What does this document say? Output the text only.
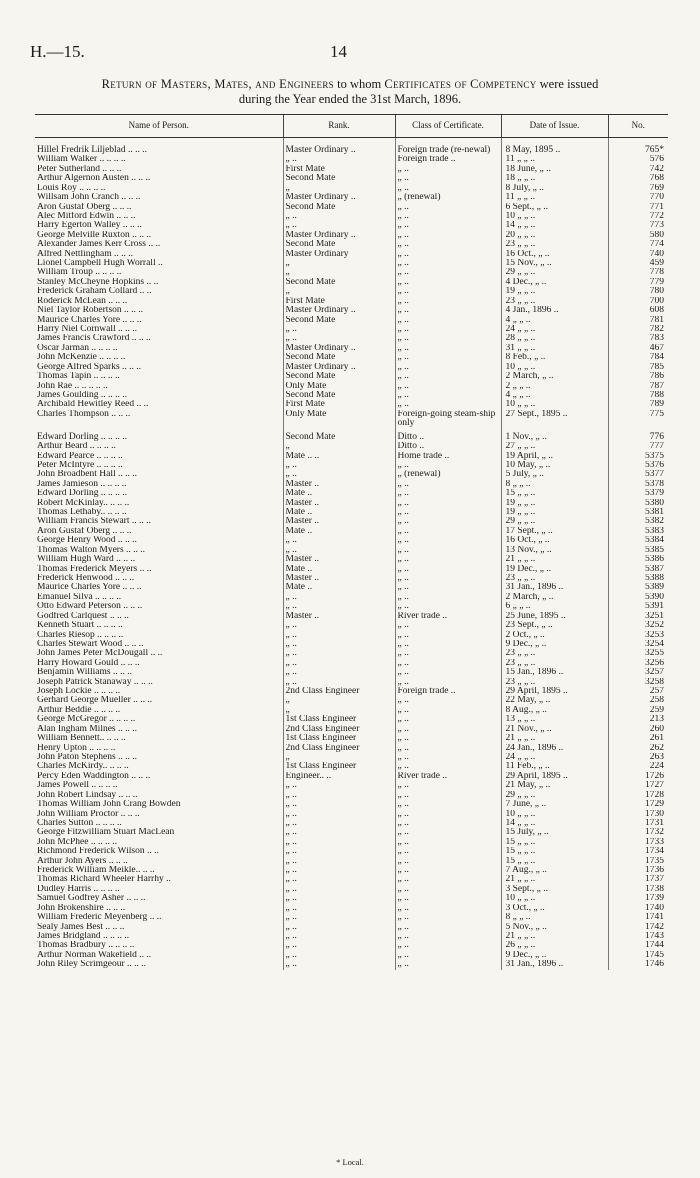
H.—15.	14
Return of Masters, Mates, and Engineers to whom Certificates of Competency were issued
during the Year ended the 31st March, 1896.
Name of Person.	Rank.	Class of Certificate.	Date of Issue.	No.

Hillel Fredrik Liljeblad .. .. ..	Master Ordinary ..	Foreign trade (re-newal)	8 May, 1895 ..	765*
William Walker .. .. .. ..	„ ..	Foreign trade ..	11 „ „ ..	576
Peter Sutherland .. .. ..	First Mate	„ ..	18 June, „ ..	742
Arthur Algernon Austen .. .. ..	Second Mate	„ ..	18 „ „ ..	768
Louis Roy .. .. .. ..	„	„ ..	8 July, „ ..	769
Willsam John Cranch .. .. ..	Master Ordinary ..	„ (renewal)	11 „ „ ..	770
Aron Gustaf Oberg .. .. ..	Second Mate	„ ..	6 Sept., „ ..	771
Alec Mitford Edwin .. .. ..	„ ..	„ ..	10 „ „ ..	772
Harry Egerton Walley .. .. ..	„ ..	„ ..	14 „ „ ..	773
George Melville Ruxton .. .. ..	Master Ordinary ..	„ ..	20 „ „ ..	580
Alexander James Kerr Cross .. ..	Second Mate	„ ..	23 „ „ ..	774
Alfred Nettlingham .. .. ..	Master Ordinary	„ ..	16 Oct., „ ..	740
Lionel Campbell Hugh Worrall ..	„	„ ..	15 Nov., „ ..	459
William Troup .. .. .. ..	„	„ ..	29 „ „ ..	778
Stanley McCheyne Hopkins .. ..	Second Mate	„ ..	4 Dec., „ ..	779
Frederick Graham Collard .. ..	„	„ ..	19 „ „ ..	780
Roderick McLean .. .. ..	First Mate	„ ..	23 „ „ ..	700
Niel Taylor Robertson .. .. ..	Master Ordinary ..	„ ..	4 Jan., 1896 ..	608
Maurice Charles Yore .. .. ..	Second Mate	„ ..	4 „ „ ..	781
Harry Niel Cornwall .. .. ..	„ ..	„ ..	24 „ „ ..	782
James Francis Crawford .. .. ..	„ ..	„ ..	28 „ „ ..	783
Oscar Jarman .. .. .. ..	Master Ordinary ..	„ ..	31 „ „ ..	467
John McKenzie .. .. .. ..	Second Mate	„ ..	8 Feb., „ ..	784
George Alfred Sparks .. .. ..	Master Ordinary ..	„ ..	10 „ „ ..	785
Thomas Tapin .. .. .. ..	Second Mate	„ ..	2 March, „ ..	786
John Rae .. .. .. .. ..	Only Mate	„ ..	2 „ „ ..	787
James Goulding .. .. .. ..	Second Mate	„ ..	4 „ „ ..	788
Archibald Hewitley Reed .. ..	First Mate	„ ..	10 „ „ ..	789
Charles Thompson .. .. ..	Only Mate	Foreign-going steam-ship only	27 Sept., 1895 ..	775
Edward Dorling .. .. .. ..	Second Mate	Ditto ..	1 Nov., „ ..	776
Arthur Beard .. .. .. ..	„	Ditto ..	27 „ „ ..	777
Edward Pearce .. .. .. ..	Mate .. ..	Home trade ..	19 April, „ ..	5375
Peter McIntyre .. .. .. ..	„ ..	„ ..	10 May, „ ..	5376
John Broadbent Hall .. .. ..	„ ..	„ (renewal)	5 July, „ ..	5377
James Jamieson .. .. .. ..	Master ..	„ ..	8 „ „ ..	5378
Edward Dorling .. .. .. ..	Mate ..	„ ..	15 „ „ ..	5379
Robert McKinlay.. .. .. ..	Master ..	„ ..	19 „ „ ..	5380
Thomas Lethaby.. .. .. ..	Mate ..	„ ..	19 „ „ ..	5381
William Francis Stewart .. .. ..	Master ..	„ ..	29 „ „ ..	5382
Aron Gustaf Oberg .. .. ..	Mate ..	„ ..	17 Sept., „ ..	5383
George Henry Wood .. .. ..	„ ..	„ ..	16 Oct., „ ..	5384
Thomas Walton Myers .. .. ..	„ ..	„ ..	13 Nov., „ ..	5385
William Hugh Ward .. .. ..	Master ..	„ ..	21 „ „ ..	5386
Thomas Frederick Meyers .. ..	Mate ..	„ ..	19 Dec., „ ..	5387
Frederick Henwood .. .. ..	Master ..	„ ..	23 „ „ ..	5388
Maurice Charles Yore .. .. ..	Mate ..	„ ..	31 Jan., 1896 ..	5389
Emanuel Silva .. .. .. ..	„ ..	„ ..	2 March, „ ..	5390
Otto Edward Peterson .. .. ..	„ ..	„ ..	6 „ „ ..	5391
Godfred Carlquest .. .. ..	Master ..	River trade ..	25 June, 1895 ..	3251
Kenneth Stuart .. .. .. ..	„ ..	„ ..	23 Sept., „ ..	3252
Charles Riesop .. .. .. ..	„ ..	„ ..	2 Oct., „ ..	3253
Charles Stewart Wood .. .. ..	„ ..	„ ..	9 Dec., „ ..	3254
John James Peter McDougall .. ..	„ ..	„ ..	23 „ „ ..	3255
Harry Howard Gould .. .. ..	„ ..	„ ..	23 „ „ ..	3256
Benjamin Williams .. .. ..	„ ..	„ ..	15 Jan., 1896 ..	3257
Joseph Patrick Stanaway .. .. ..	„ ..	„ ..	23 „ „ ..	3258
Joseph Lockie .. .. .. ..	2nd Class Engineer	Foreign trade ..	29 April, 1895 ..	257
Gerhard George Mueller .. .. ..	„	„ ..	22 May, „ ..	258
Arthur Beddie .. .. .. ..	„	„ ..	8 Aug., „ ..	259
George McGregor .. .. .. ..	1st Class Engineer	„ ..	13 „ „ ..	213
Alan Ingham Milnes .. .. ..	2nd Class Engineer	„ ..	21 Nov., „ ..	260
William Bennett.. .. .. ..	1st Class Engineer	„ ..	21 „ „ ..	261
Henry Upton .. .. .. ..	2nd Class Engineer	„ ..	24 Jan., 1896 ..	262
John Paton Stephens .. .. ..	„	„ ..	24 „ „ ..	263
Charles McKirdy.. .. .. ..	1st Class Engineer	„ ..	11 Feb., „ ..	224
Percy Eden Waddington .. .. ..	Engineer.. ..	River trade ..	29 April, 1895 ..	1726
James Powell .. .. .. ..	„ ..	„ ..	21 May, „ ..	1727
John Robert Lindsay .. .. ..	„ ..	„ ..	29 „ „ ..	1728
Thomas William John Crang Bowden	„ ..	„ ..	7 June, „ ..	1729
John William Proctor .. .. ..	„ ..	„ ..	10 „ „ ..	1730
Charles Sutton .. .. .. ..	„ ..	„ ..	14 „ „ ..	1731
George Fitzwilliam Stuart MacLean	„ ..	„ ..	15 July, „ ..	1732
John McPhee .. .. .. ..	„ ..	„ ..	15 „ „ ..	1733
Richmond Frederick Wilson .. ..	„ ..	„ ..	15 „ „ ..	1734
Arthur John Ayers .. .. ..	„ ..	„ ..	15 „ „ ..	1735
Frederick William Meikle.. .. ..	„ ..	„ ..	7 Aug., „ ..	1736
Thomas Richard Wheeler Harrhy ..	„ ..	„ ..	21 „ „ ..	1737
Dudley Harris .. .. .. ..	„ ..	„ ..	3 Sept., „ ..	1738
Samuel Godfrey Asher .. .. ..	„ ..	„ ..	10 „ „ ..	1739
John Brokenshire .. .. ..	„ ..	„ ..	3 Oct., „ ..	1740
William Frederic Meyenberg .. ..	„ ..	„ ..	8 „ „ ..	1741
Sealy James Best .. .. ..	„ ..	„ ..	5 Nov., „ ..	1742
James Bridgland .. .. .. ..	„ ..	„ ..	21 „ „ ..	1743
Thomas Bradbury .. .. .. ..	„ ..	„ ..	26 „ „ ..	1744
Arthur Norman Wakefield .. ..	„ ..	„ ..	9 Dec., „ ..	1745
John Riley Scrimgeour .. .. ..	„ ..	„ ..	31 Jan., 1896 ..	1746
* Local.
